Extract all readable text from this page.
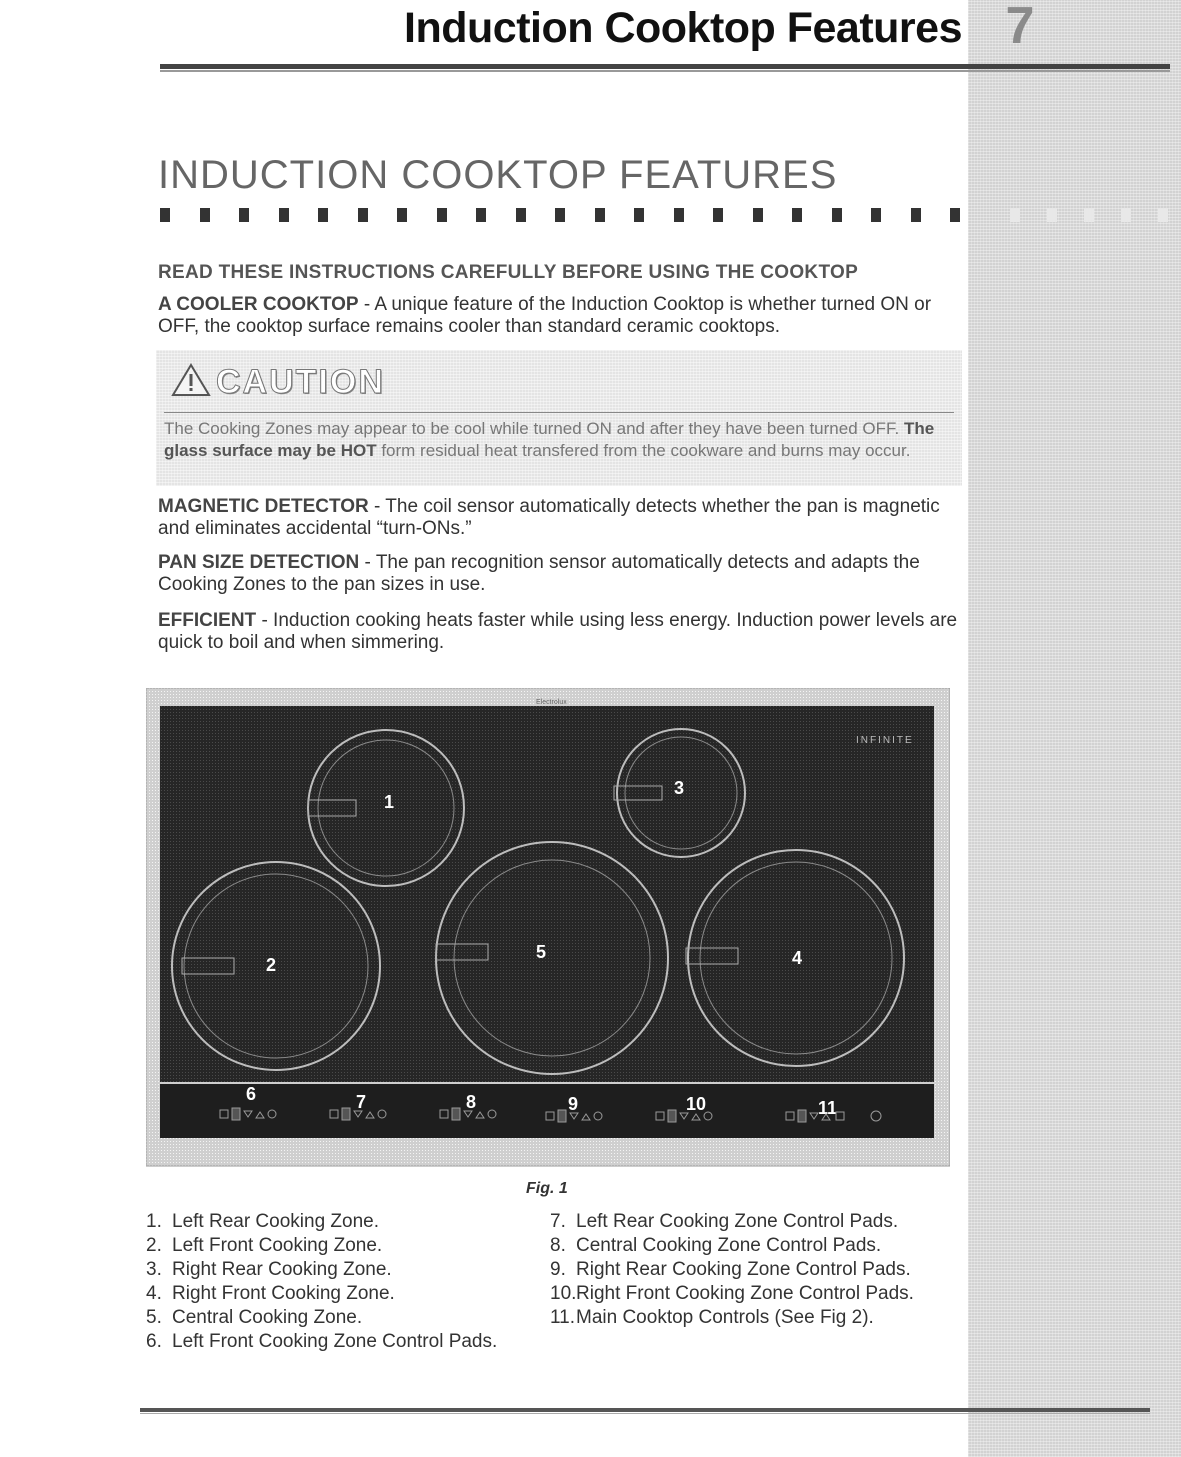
7
Induction Cooktop Features
INDUCTION COOKTOP FEATURES
READ THESE INSTRUCTIONS CAREFULLY BEFORE USING THE COOKTOP
A COOLER COOKTOP - A unique feature of the Induction Cooktop is whether turned ON or OFF, the cooktop surface remains cooler than standard ceramic cooktops.
CAUTION
The Cooking Zones may appear to be cool while turned ON and after they have been turned OFF. The glass surface may be HOT form residual heat transfered from the cookware and burns may occur.
MAGNETIC DETECTOR - The coil sensor automatically detects whether the pan is magnetic and eliminates accidental “turn-ONs.”
PAN SIZE DETECTION - The pan recognition sensor automatically detects and adapts the Cooking Zones to the pan sizes in use.
EFFICIENT - Induction cooking heats faster while using less energy. Induction power levels are quick to boil and when simmering.
Electrolux
INFINITE
1
2
3
4
5
6	7	8	9	10	11
Fig. 1
1. Left Rear Cooking Zone.
2. Left Front Cooking Zone.
3. Right Rear Cooking Zone.
4. Right Front Cooking Zone.
5. Central Cooking Zone.
6. Left Front Cooking Zone Control Pads.
7. Left Rear Cooking Zone Control Pads.
8. Central Cooking Zone Control Pads.
9. Right Rear Cooking Zone Control Pads.
10.Right Front Cooking Zone Control Pads.
11.Main Cooktop Controls (See Fig 2).
